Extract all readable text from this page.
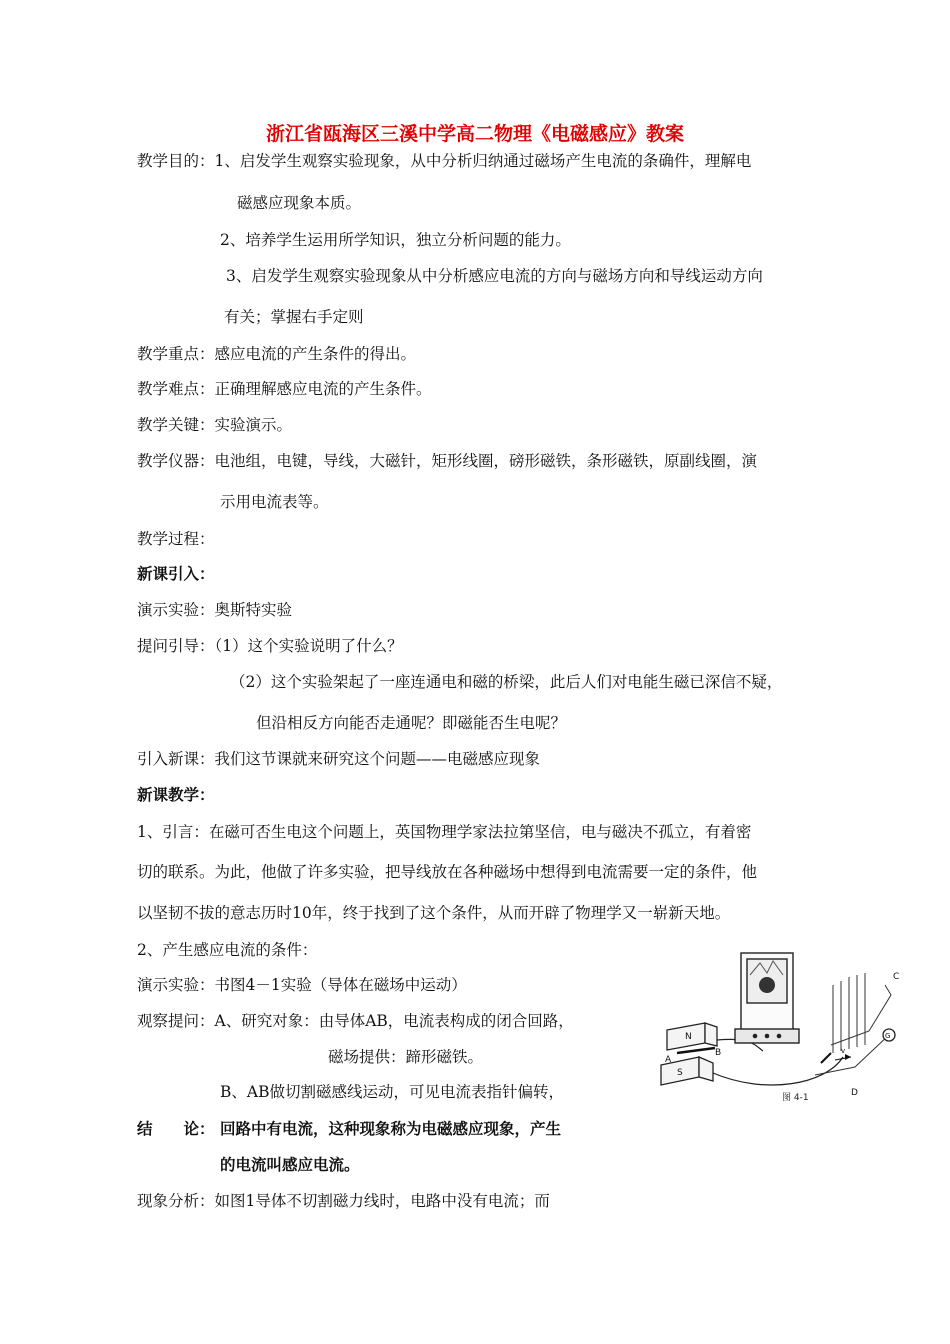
浙江省瓯海区三溪中学高二物理《电磁感应》教案
教学目的：1、启发学生观察实验现象，从中分析归纳通过磁场产生电流的条确件，理解电
磁感应现象本质。
2、培养学生运用所学知识，独立分析问题的能力。
3、启发学生观察实验现象从中分析感应电流的方向与磁场方向和导线运动方向
有关；掌握右手定则
教学重点：感应电流的产生条件的得出。
教学难点：正确理解感应电流的产生条件。
教学关键：实验演示。
教学仪器：电池组，电键，导线，大磁针，矩形线圈，磅形磁铁，条形磁铁，原副线圈，演
示用电流表等。
教学过程：
新课引入：
演示实验：奥斯特实验
提问引导：（1）这个实验说明了什么？
（2）这个实验架起了一座连通电和磁的桥梁，此后人们对电能生磁已深信不疑，
但沿相反方向能否走通呢？即磁能否生电呢？
引入新课：我们这节课就来研究这个问题——电磁感应现象
新课教学：
1、引言：在磁可否生电这个问题上，英国物理学家法拉第坚信，电与磁决不孤立，有着密
切的联系。为此，他做了许多实验，把导线放在各种磁场中想得到电流需要一定的条件，他
以坚韧不拔的意志历时10年，终于找到了这个条件，从而开辟了物理学又一崭新天地。
2、产生感应电流的条件：
演示实验：书图4－1实验（导体在磁场中运动）
观察提问：A、研究对象：由导体AB，电流表构成的闭合回路，
磁场提供：蹄形磁铁。
B、AB做切割磁感线运动，可见电流表指针偏转，
结　　论： 回路中有电流，这种现象称为电磁感应现象，产生
的电流叫感应电流。
现象分析：如图1导体不切割磁力线时，电路中没有电流；而
N
S
A
B
C
D
G
v
图 4-1
